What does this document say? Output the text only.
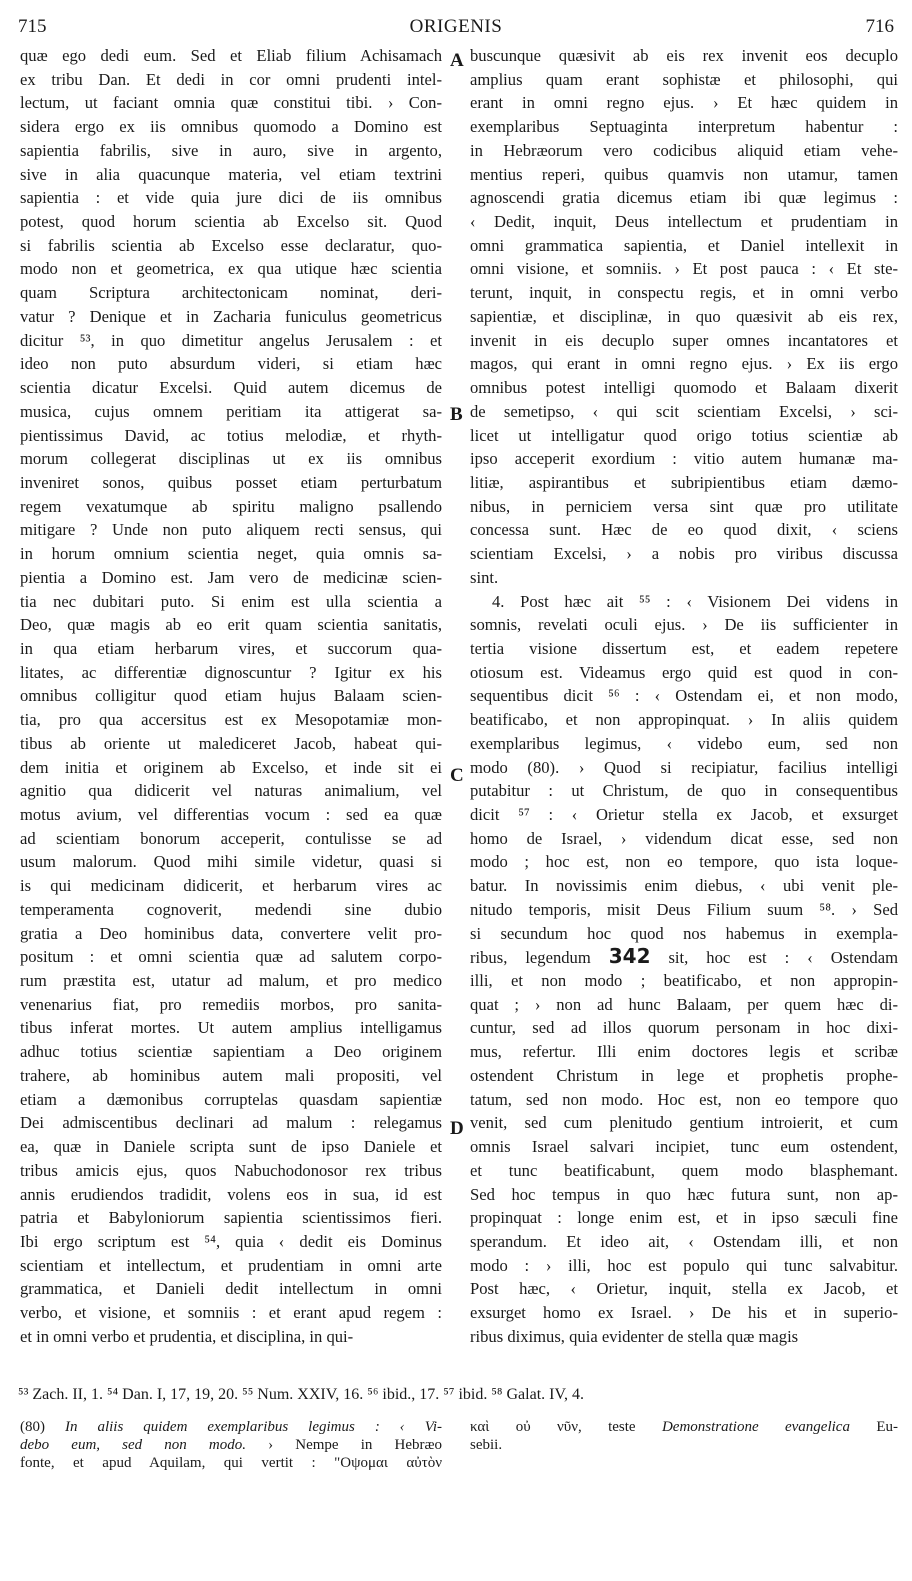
715	ORIGENIS	716
quæ ego dedi eum. Sed et Eliab filium Achisamach
ex tribu Dan. Et dedi in cor omni prudenti intel-
lectum, ut faciant omnia quæ constitui tibi. › Con-
sidera ergo ex iis omnibus quomodo a Domino est
sapientia fabrilis, sive in auro, sive in argento,
sive in alia quacunque materia, vel etiam textrini
sapientia : et vide quia jure dici de iis omnibus
potest, quod horum scientia ab Excelso sit. Quod
si fabrilis scientia ab Excelso esse declaratur, quo-
modo non et geometrica, ex qua utique hæc scientia
quam Scriptura architectonicam nominat, deri-
vatur ? Denique et in Zacharia funiculus geometricus
dicitur ⁵³, in quo dimetitur angelus Jerusalem : et
ideo non puto absurdum videri, si etiam hæc
scientia dicatur Excelsi. Quid autem dicemus de
musica, cujus omnem peritiam ita attigerat sa-
pientissimus David, ac totius melodiæ, et rhyth-
morum collegerat disciplinas ut ex iis omnibus
inveniret sonos, quibus posset etiam perturbatum
regem vexatumque ab spiritu maligno psallendo
mitigare ? Unde non puto aliquem recti sensus, qui
in horum omnium scientia neget, quia omnis sa-
pientia a Domino est. Jam vero de medicinæ scien-
tia nec dubitari puto. Si enim est ulla scientia a
Deo, quæ magis ab eo erit quam scientia sanitatis,
in qua etiam herbarum vires, et succorum qua-
litates, ac differentiæ dignoscuntur ? Igitur ex his
omnibus colligitur quod etiam hujus Balaam scien-
tia, pro qua accersitus est ex Mesopotamiæ mon-
tibus ab oriente ut malediceret Jacob, habeat qui-
dem initia et originem ab Excelso, et inde sit ei
agnitio qua didicerit vel naturas animalium, vel
motus avium, vel differentias vocum : sed ea quæ
ad scientiam bonorum acceperit, contulisse se ad
usum malorum. Quod mihi simile videtur, quasi si
is qui medicinam didicerit, et herbarum vires ac
temperamenta cognoverit, medendi sine dubio
gratia a Deo hominibus data, convertere velit pro-
positum : et omni scientia quæ ad salutem corpo-
rum præstita est, utatur ad malum, et pro medico
venenarius fiat, pro remediis morbos, pro sanita-
tibus inferat mortes. Ut autem amplius intelligamus
adhuc totius scientiæ sapientiam a Deo originem
trahere, ab hominibus autem mali propositi, vel
etiam a dæmonibus corruptelas quasdam sapientiæ
Dei admiscentibus declinari ad malum : relegamus
ea, quæ in Daniele scripta sunt de ipso Daniele et
tribus amicis ejus, quos Nabuchodonosor rex tribus
annis erudiendos tradidit, volens eos in sua, id est
patria et Babyloniorum sapientia scientissimos fieri.
Ibi ergo scriptum est ⁵⁴, quia ‹ dedit eis Dominus
scientiam et intellectum, et prudentiam in omni arte
grammatica, et Danieli dedit intellectum in omni
verbo, et visione, et somniis : et erant apud regem :
et in omni verbo et prudentia, et disciplina, in qui-
buscunque quæsivit ab eis rex invenit eos decuplo
amplius quam erant sophistæ et philosophi, qui
erant in omni regno ejus. › Et hæc quidem in
exemplaribus Septuaginta interpretum habentur :
in Hebræorum vero codicibus aliquid etiam vehe-
mentius reperi, quibus quamvis non utamur, tamen
agnoscendi gratia dicemus etiam ibi quæ legimus :
‹ Dedit, inquit, Deus intellectum et prudentiam in
omni grammatica sapientia, et Daniel intellexit in
omni visione, et somniis. › Et post pauca : ‹ Et ste-
terunt, inquit, in conspectu regis, et in omni verbo
sapientiæ, et disciplinæ, in quo quæsivit ab eis rex,
invenit in eis decuplo super omnes incantatores et
magos, qui erant in omni regno ejus. › Ex iis ergo
omnibus potest intelligi quomodo et Balaam dixerit
de semetipso, ‹ qui scit scientiam Excelsi, › sci-
licet ut intelligatur quod origo totius scientiæ ab
ipso acceperit exordium : vitio autem humanæ ma-
litiæ, aspirantibus et subripientibus etiam dæmo-
nibus, in perniciem versa sint quæ pro utilitate
concessa sunt. Hæc de eo quod dixit, ‹ sciens
scientiam Excelsi, › a nobis pro viribus discussa
sint.
4. Post hæc ait ⁵⁵ : ‹ Visionem Dei videns in
somnis, revelati oculi ejus. › De iis sufficienter in
tertia visione dissertum est, et eadem repetere
otiosum est. Videamus ergo quid est quod in con-
sequentibus dicit ⁵⁶ : ‹ Ostendam ei, et non modo,
beatificabo, et non appropinquat. › In aliis quidem
exemplaribus legimus, ‹ videbo eum, sed non
modo (80). › Quod si recipiatur, facilius intelligi
putabitur : ut Christum, de quo in consequentibus
dicit ⁵⁷ : ‹ Orietur stella ex Jacob, et exsurget
homo de Israel, › videndum dicat esse, sed non
modo ; hoc est, non eo tempore, quo ista loque-
batur. In novissimis enim diebus, ‹ ubi venit ple-
nitudo temporis, misit Deus Filium suum ⁵⁸. › Sed
si secundum hoc quod nos habemus in exempla-
ribus, legendum 342 sit, hoc est : ‹ Ostendam
illi, et non modo ; beatificabo, et non appropin-
quat ; › non ad hunc Balaam, per quem hæc di-
cuntur, sed ad illos quorum personam in hoc dixi-
mus, refertur. Illi enim doctores legis et scribæ
ostendent Christum in lege et prophetis prophe-
tatum, sed non modo. Hoc est, non eo tempore quo
venit, sed cum plenitudo gentium introierit, et cum
omnis Israel salvari incipiet, tunc eum ostendent,
et tunc beatificabunt, quem modo blasphemant.
Sed hoc tempus in quo hæc futura sunt, non ap-
propinquat : longe enim est, et in ipso sæculi fine
sperandum. Et ideo ait, ‹ Ostendam illi, et non
modo : › illi, hoc est populo qui tunc salvabitur.
Post hæc, ‹ Orietur, inquit, stella ex Jacob, et
exsurget homo ex Israel. › De his et in superio-
ribus diximus, quia evidenter de stella quæ magis
A
B
C
D
⁵³ Zach. II, 1. ⁵⁴ Dan. I, 17, 19, 20. ⁵⁵ Num. XXIV, 16. ⁵⁶ ibid., 17. ⁵⁷ ibid. ⁵⁸ Galat. IV, 4.
(80) In aliis quidem exemplaribus legimus : ‹ Vi-
debo eum, sed non modo. › Nempe in Hebræo
fonte, et apud Aquilam, qui vertit : "Οψομαι αὐτὸν
καὶ οὐ νῦν, teste Demonstratione evangelica Eu-
sebii.
